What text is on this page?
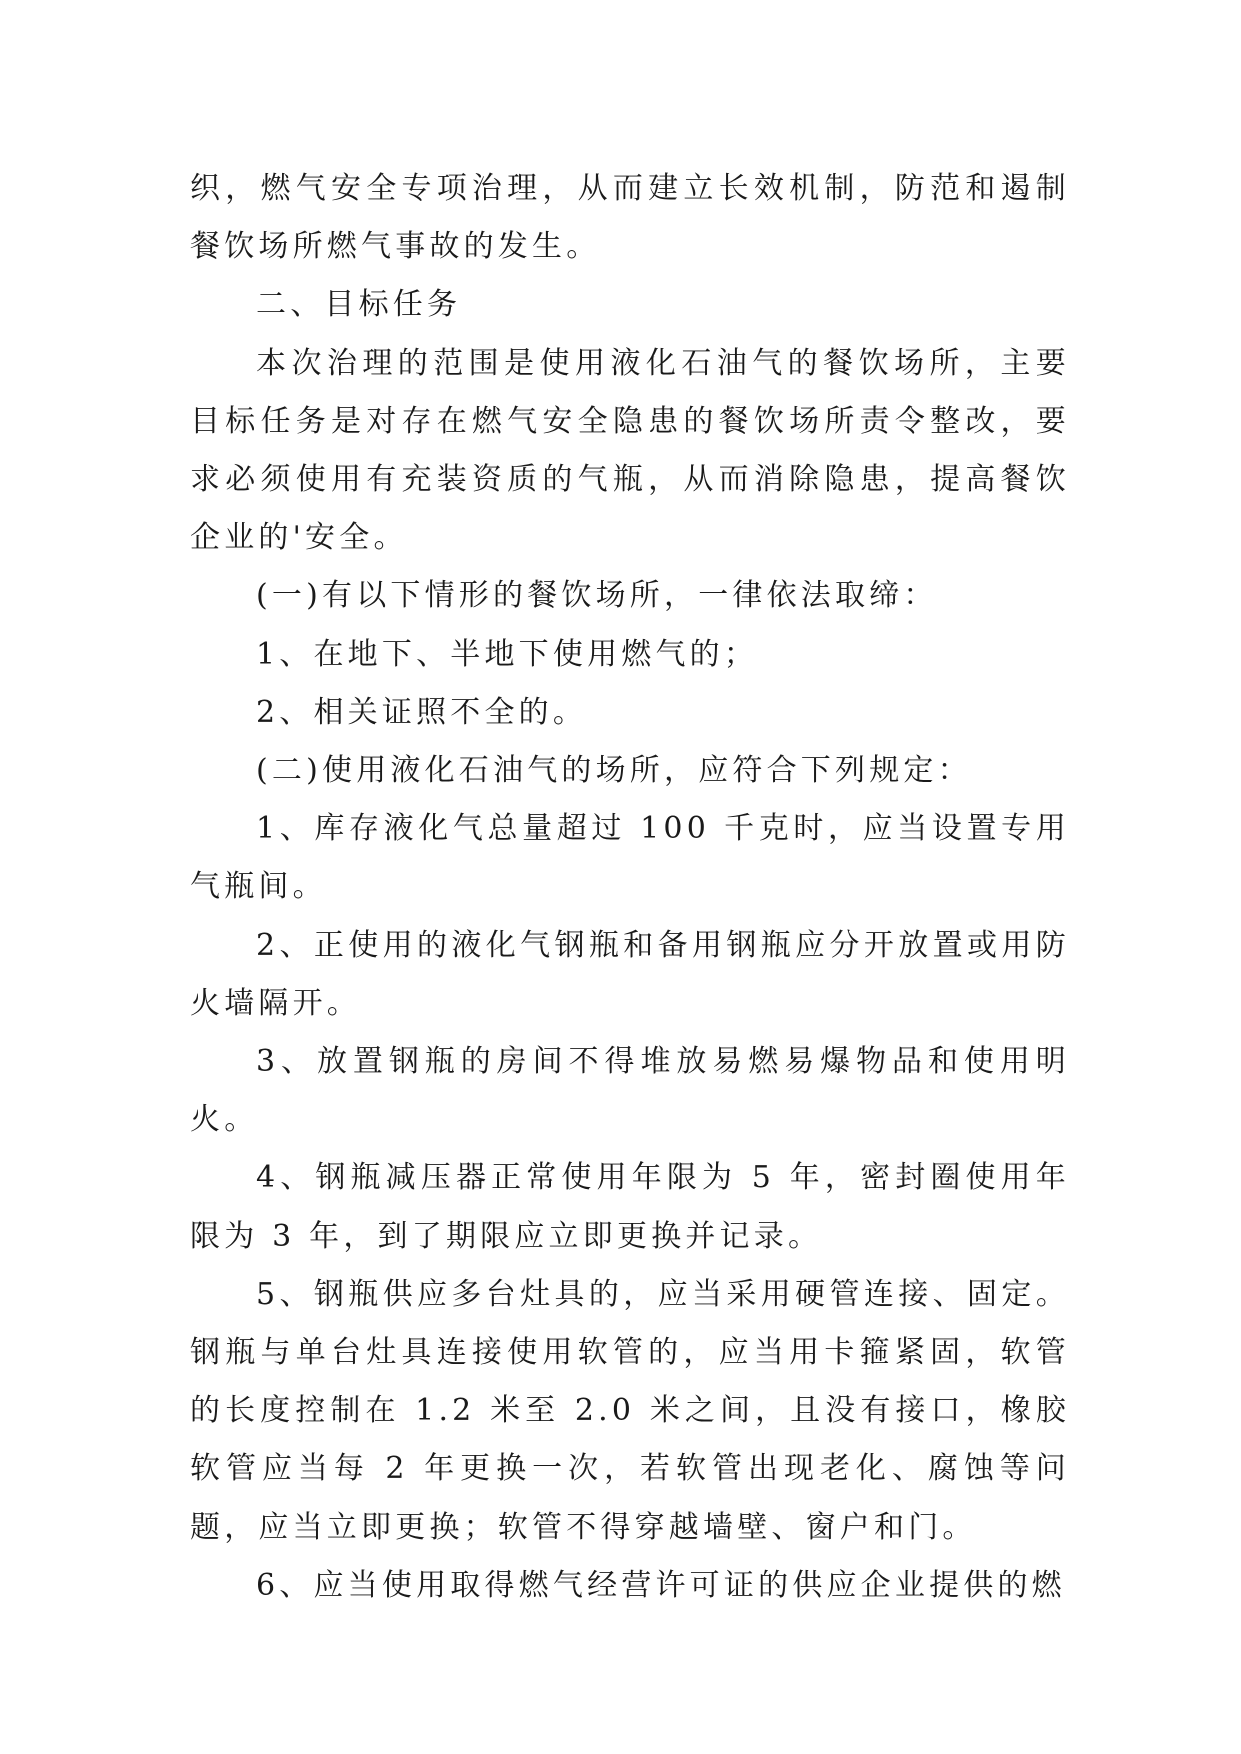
织，燃气安全专项治理，从而建立长效机制，防范和遏制餐饮场所燃气事故的发生。

二、目标任务

本次治理的范围是使用液化石油气的餐饮场所，主要目标任务是对存在燃气安全隐患的餐饮场所责令整改，要求必须使用有充装资质的气瓶，从而消除隐患，提高餐饮企业的'安全。

(一)有以下情形的餐饮场所，一律依法取缔：

1、在地下、半地下使用燃气的；

2、相关证照不全的。

(二)使用液化石油气的场所，应符合下列规定：

1、库存液化气总量超过 100 千克时，应当设置专用气瓶间。

2、正使用的液化气钢瓶和备用钢瓶应分开放置或用防火墙隔开。

3、放置钢瓶的房间不得堆放易燃易爆物品和使用明火。

4、钢瓶减压器正常使用年限为 5 年，密封圈使用年限为 3 年，到了期限应立即更换并记录。

5、钢瓶供应多台灶具的，应当采用硬管连接、固定。钢瓶与单台灶具连接使用软管的，应当用卡箍紧固，软管的长度控制在 1.2 米至 2.0 米之间，且没有接口，橡胶软管应当每 2 年更换一次，若软管出现老化、腐蚀等问题，应当立即更换；软管不得穿越墙壁、窗户和门。

6、应当使用取得燃气经营许可证的供应企业提供的燃
